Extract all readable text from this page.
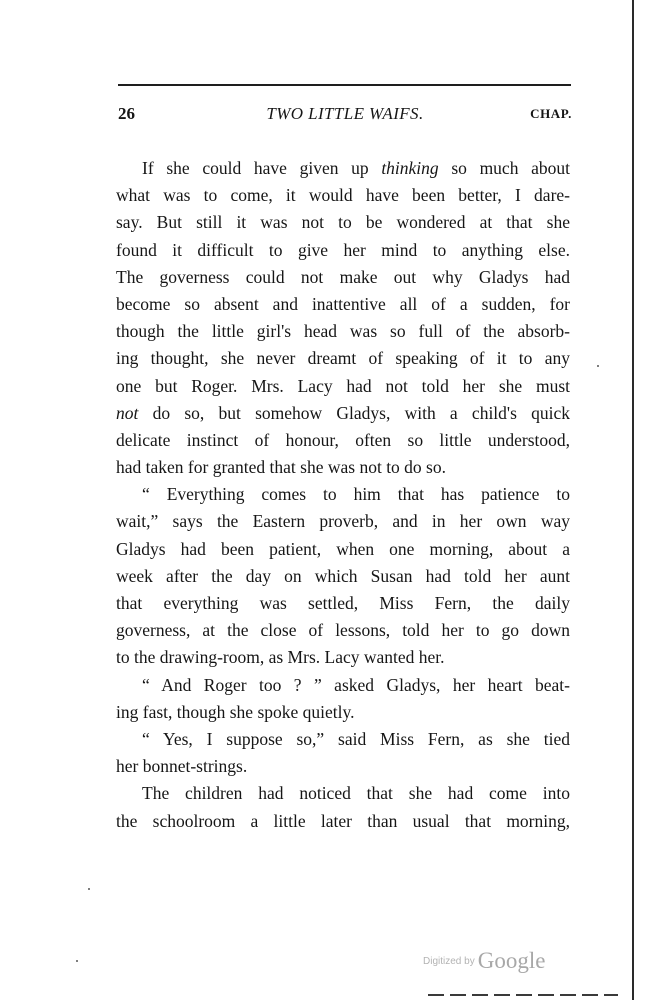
26	TWO LITTLE WAIFS.	CHAP.
If she could have given up thinking so much about
what was to come, it would have been better, I dare-
say. But still it was not to be wondered at that she
found it difficult to give her mind to anything else.
The governess could not make out why Gladys had
become so absent and inattentive all of a sudden, for
though the little girl's head was so full of the absorb-
ing thought, she never dreamt of speaking of it to any
one but Roger. Mrs. Lacy had not told her she must
not do so, but somehow Gladys, with a child's quick
delicate instinct of honour, often so little understood,
had taken for granted that she was not to do so.
“ Everything comes to him that has patience to
wait,” says the Eastern proverb, and in her own way
Gladys had been patient, when one morning, about a
week after the day on which Susan had told her aunt
that everything was settled, Miss Fern, the daily
governess, at the close of lessons, told her to go down
to the drawing-room, as Mrs. Lacy wanted her.
“ And Roger too ? ” asked Gladys, her heart beat-
ing fast, though she spoke quietly.
“ Yes, I suppose so,” said Miss Fern, as she tied
her bonnet-strings.
The children had noticed that she had come into
the schoolroom a little later than usual that morning,
$^{Digitized by}$ Google
